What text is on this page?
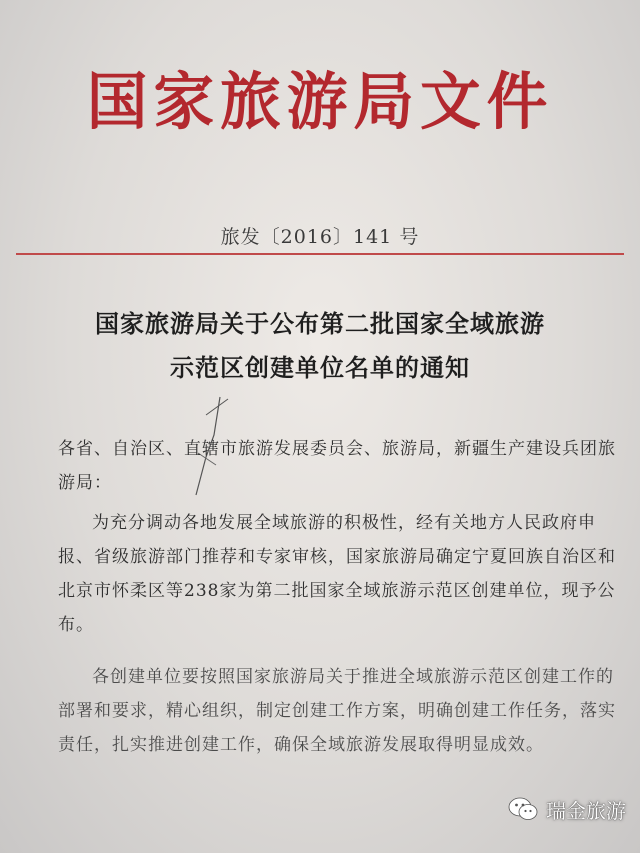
国家旅游局文件
旅发〔2016〕141 号
国家旅游局关于公布第二批国家全域旅游
示范区创建单位名单的通知

各省、自治区、直辖市旅游发展委员会、旅游局，新疆生产建设兵团旅游局：

为充分调动各地发展全域旅游的积极性，经有关地方人民政府申报、省级旅游部门推荐和专家审核，国家旅游局确定宁夏回族自治区和北京市怀柔区等238家为第二批国家全域旅游示范区创建单位，现予公布。

各创建单位要按照国家旅游局关于推进全域旅游示范区创建工作的部署和要求，精心组织，制定创建工作方案，明确创建工作任务，落实责任，扎实推进创建工作，确保全域旅游发展取得明显成效。

瑞金旅游
